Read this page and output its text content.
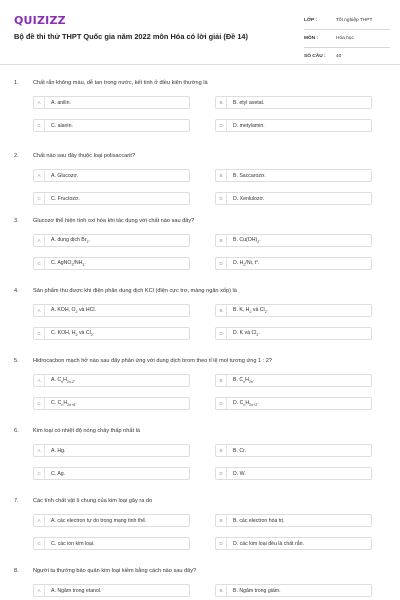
QUIZIZZ
Bộ đề thi thử THPT Quốc gia năm 2022 môn Hóa có lời giải (Đề 14)
LỚP :	Tốt nghiệp THPT
MÔN :	Hóa học
SỐ CÂU :	40
1.	Chất rắn không màu, dễ tan trong nước, kết tinh ở điều kiện thường là
A	A. anilin.	B	B. etyl axetat.
C	C. alanin.	D	D. metylamin.
2.	Chất nào sau đây thuộc loại polisaccarit?
A	A. Glucozơ.	B	B. Saccarozơ.
C	C. Fructozơ.	D	D. Xenlulozơ.
3.	Glucozơ thể hiện tính oxi hóa khi tác dụng với chất nào sau đây?
A	A. dung dịch $Br_2$.	B	B. $Cu(OH)_2$.
C	C. $AgNO_3/NH_3$.	D	D. $H_2/Ni$, t°.
4.	Sản phẩm thu được khi điện phân dung dịch KCl (điện cực trơ, màng ngăn xốp) là
A	A. KOH, $O_2$ và HCl.	B	B. K, $H_2$ và $Cl_2$.
C	C. KOH, $H_2$ và $Cl_2$.	D	D. K và $Cl_2$.
5.	Hidrocacbon mạch hở nào sau đây phản ứng với dung dịch brom theo tỉ lệ mol tương ứng 1 : 2?
A	A. $C_nH_{2n-2}$.	B	B. $C_nH_{2n}$.
C	C. $C_nH_{2n+6}$.	D	D. $C_nH_{2n+2}$.
6.	Kim loại có nhiệt độ nóng chảy thấp nhất là
A	A. Hg.	B	B. Cr.
C	C. Ag.	D	D. W.
7.	Các tính chất vật lí chung của kim loại gây ra do
A	A. các electron tự do trong mạng tinh thể.	B	B. các electron hóa trị.
C	C. các ion kim loại.	D	D. các kim loại đều là chất rắn.
8.	Người ta thường bảo quản kim loại kiềm bằng cách nào sau đây?
A	A. Ngâm trong etanol.	B	B. Ngâm trong giấm.
